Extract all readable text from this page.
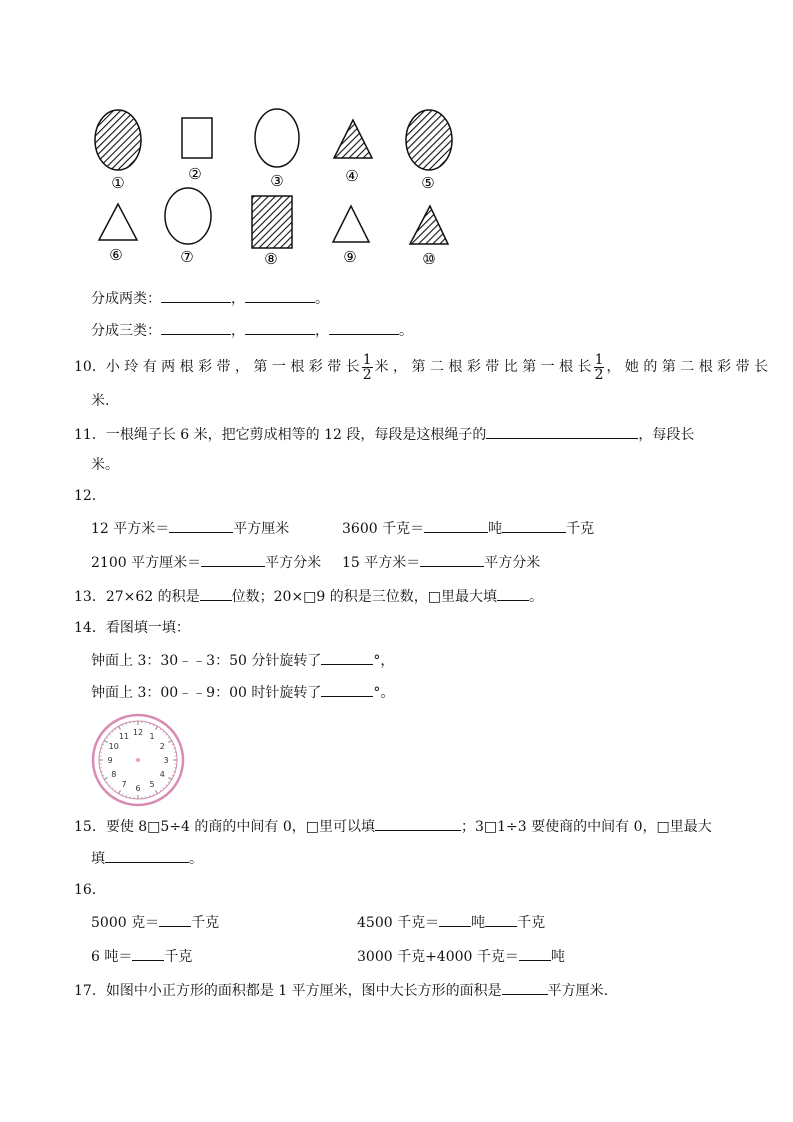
①	②	③	④	⑤
⑥	⑦	⑧	⑨	⑩
分成两类：	，	。
分成三类：	，	，	。
10．小 玲 有 两 根 彩 带 ， 第 一 根 彩 带 长 $\frac{1}{2}$ 米 ， 第 二 根 彩 带 比 第 一 根 长 $\frac{1}{2}$ ， 她 的 第 二 根 彩 带 长
米.
11．一根绳子长 6 米，把它剪成相等的 12 段，每段是这根绳子的	，每段长
米。
12．
12 平方米＝	平方厘米	3600 千克＝	吨	千克
2100 平方厘米＝	平方分米 15 平方米＝	平方分米
13．27×62 的积是 位数；20×□9 的积是三位数，□里最大填 。
14．看图填一填：
钟面上 3：30﹣﹣3：50 分针旋转了	°，
钟面上 3：00﹣﹣9：00 时针旋转了	°。
12 1
2
3
4
5
6
7
8
9
10
11
15．要使 8□5÷4 的商的中间有 0，□里可以填	；3□1÷3 要使商的中间有 0，□里最大
填	。
16．
5000 克＝ 千克	4500 千克＝ 吨 千克
6 吨＝ 千克	3000 千克+4000 千克＝ 吨
17．如图中小正方形的面积都是 1 平方厘米，图中大长方形的面积是	平方厘米.
